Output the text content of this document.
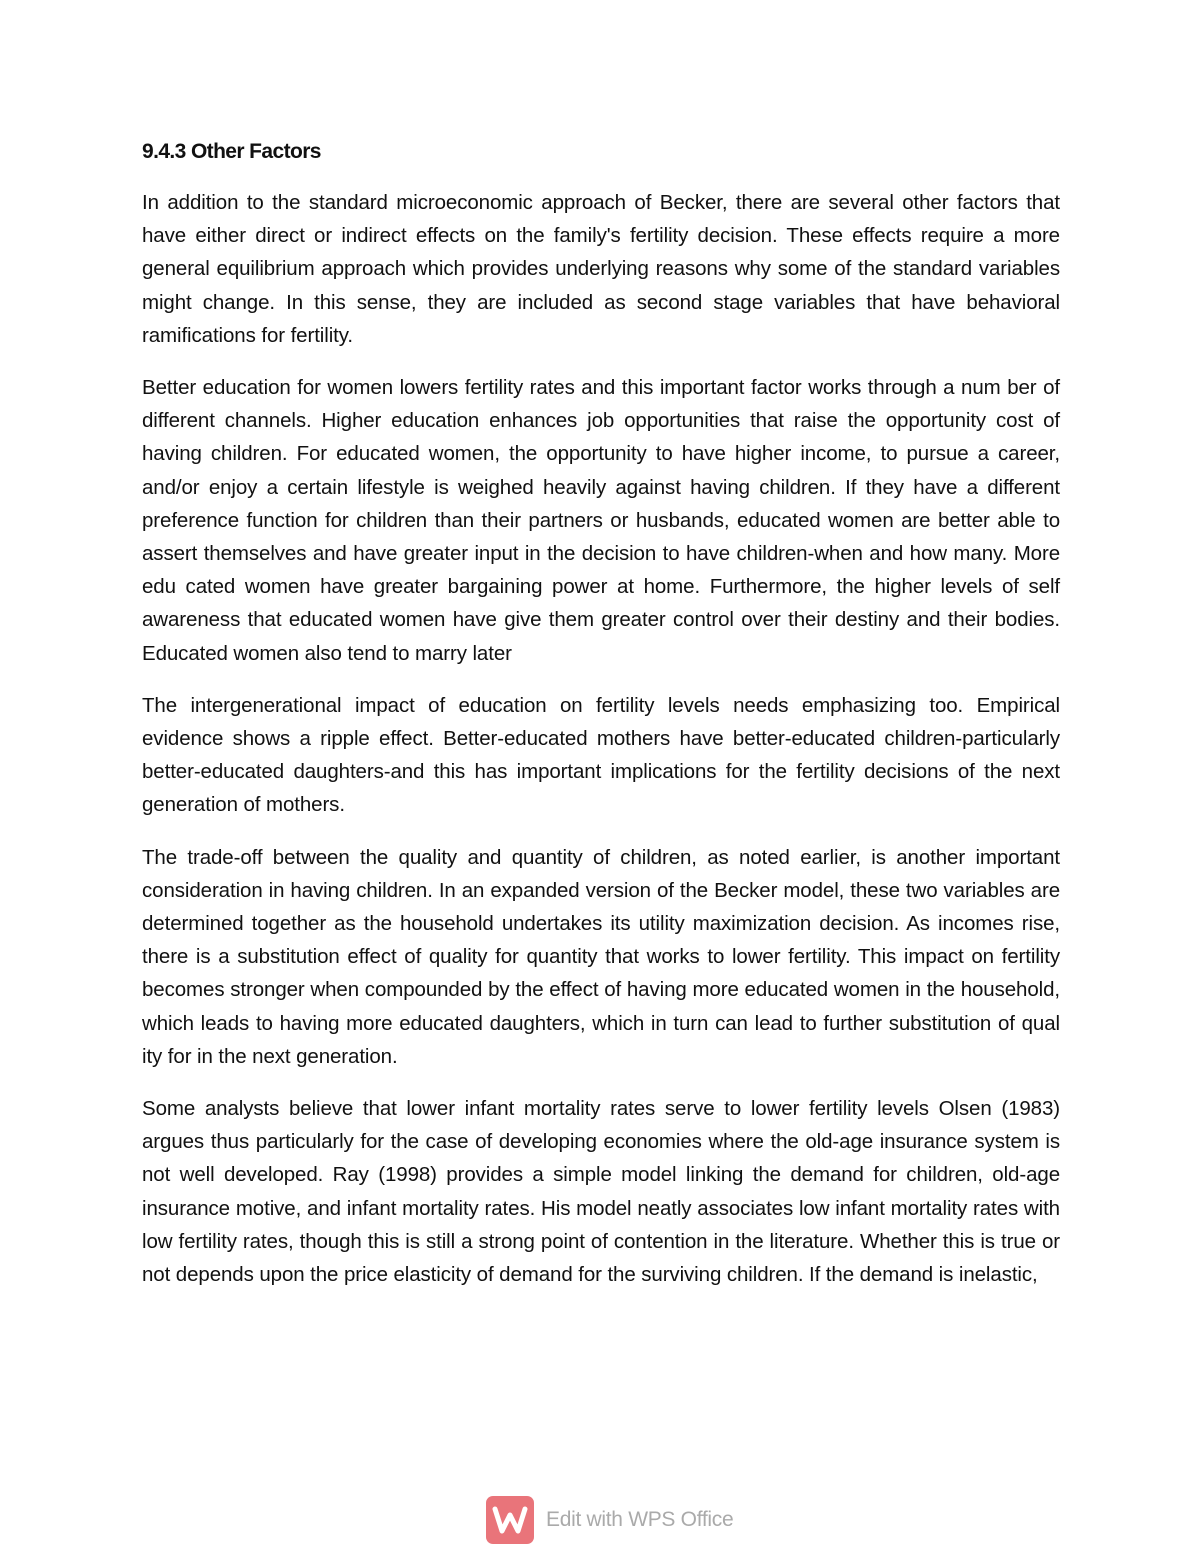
9.4.3 Other Factors

In addition to the standard microeconomic approach of Becker, there are several other factors that have either direct or indirect effects on the family's fertility decision. These effects require a more general equilibrium approach which provides underlying reasons why some of the standard variables might change. In this sense, they are included as second stage variables that have behavioral ramifications for fertility.

Better education for women lowers fertility rates and this important factor works through a num ber of different channels. Higher education enhances job opportunities that raise the opportunity cost of having children. For educated women, the opportunity to have higher income, to pursue a career, and/or enjoy a certain lifestyle is weighed heavily against having children. If they have a different preference function for children than their partners or husbands, educated women are better able to assert themselves and have greater input in the decision to have children-when and how many. More edu cated women have greater bargaining power at home. Furthermore, the higher levels of self awareness that educated women have give them greater control over their destiny and their bodies. Educated women also tend to marry later

The intergenerational impact of education on fertility levels needs emphasizing too. Empirical evidence shows a ripple effect. Better-educated mothers have better-educated children-particularly better-educated daughters-and this has important implications for the fertility decisions of the next generation of mothers.

The trade-off between the quality and quantity of children, as noted earlier, is another important consideration in having children. In an expanded version of the Becker model, these two variables are determined together as the household undertakes its utility maximization decision. As incomes rise, there is a substitution effect of quality for quantity that works to lower fertility. This impact on fertility becomes stronger when compounded by the effect of having more educated women in the household, which leads to having more educated daughters, which in turn can lead to further substitution of qual ity for in the next generation.

Some analysts believe that lower infant mortality rates serve to lower fertility levels Olsen (1983) argues thus particularly for the case of developing economies where the old-age insurance system is not well developed. Ray (1998) provides a simple model linking the demand for children, old-age insurance motive, and infant mortality rates. His model neatly associates low infant mortality rates with low fertility rates, though this is still a strong point of contention in the literature. Whether this is true or not depends upon the price elasticity of demand for the surviving children. If the demand is inelastic,

Edit with WPS Office
